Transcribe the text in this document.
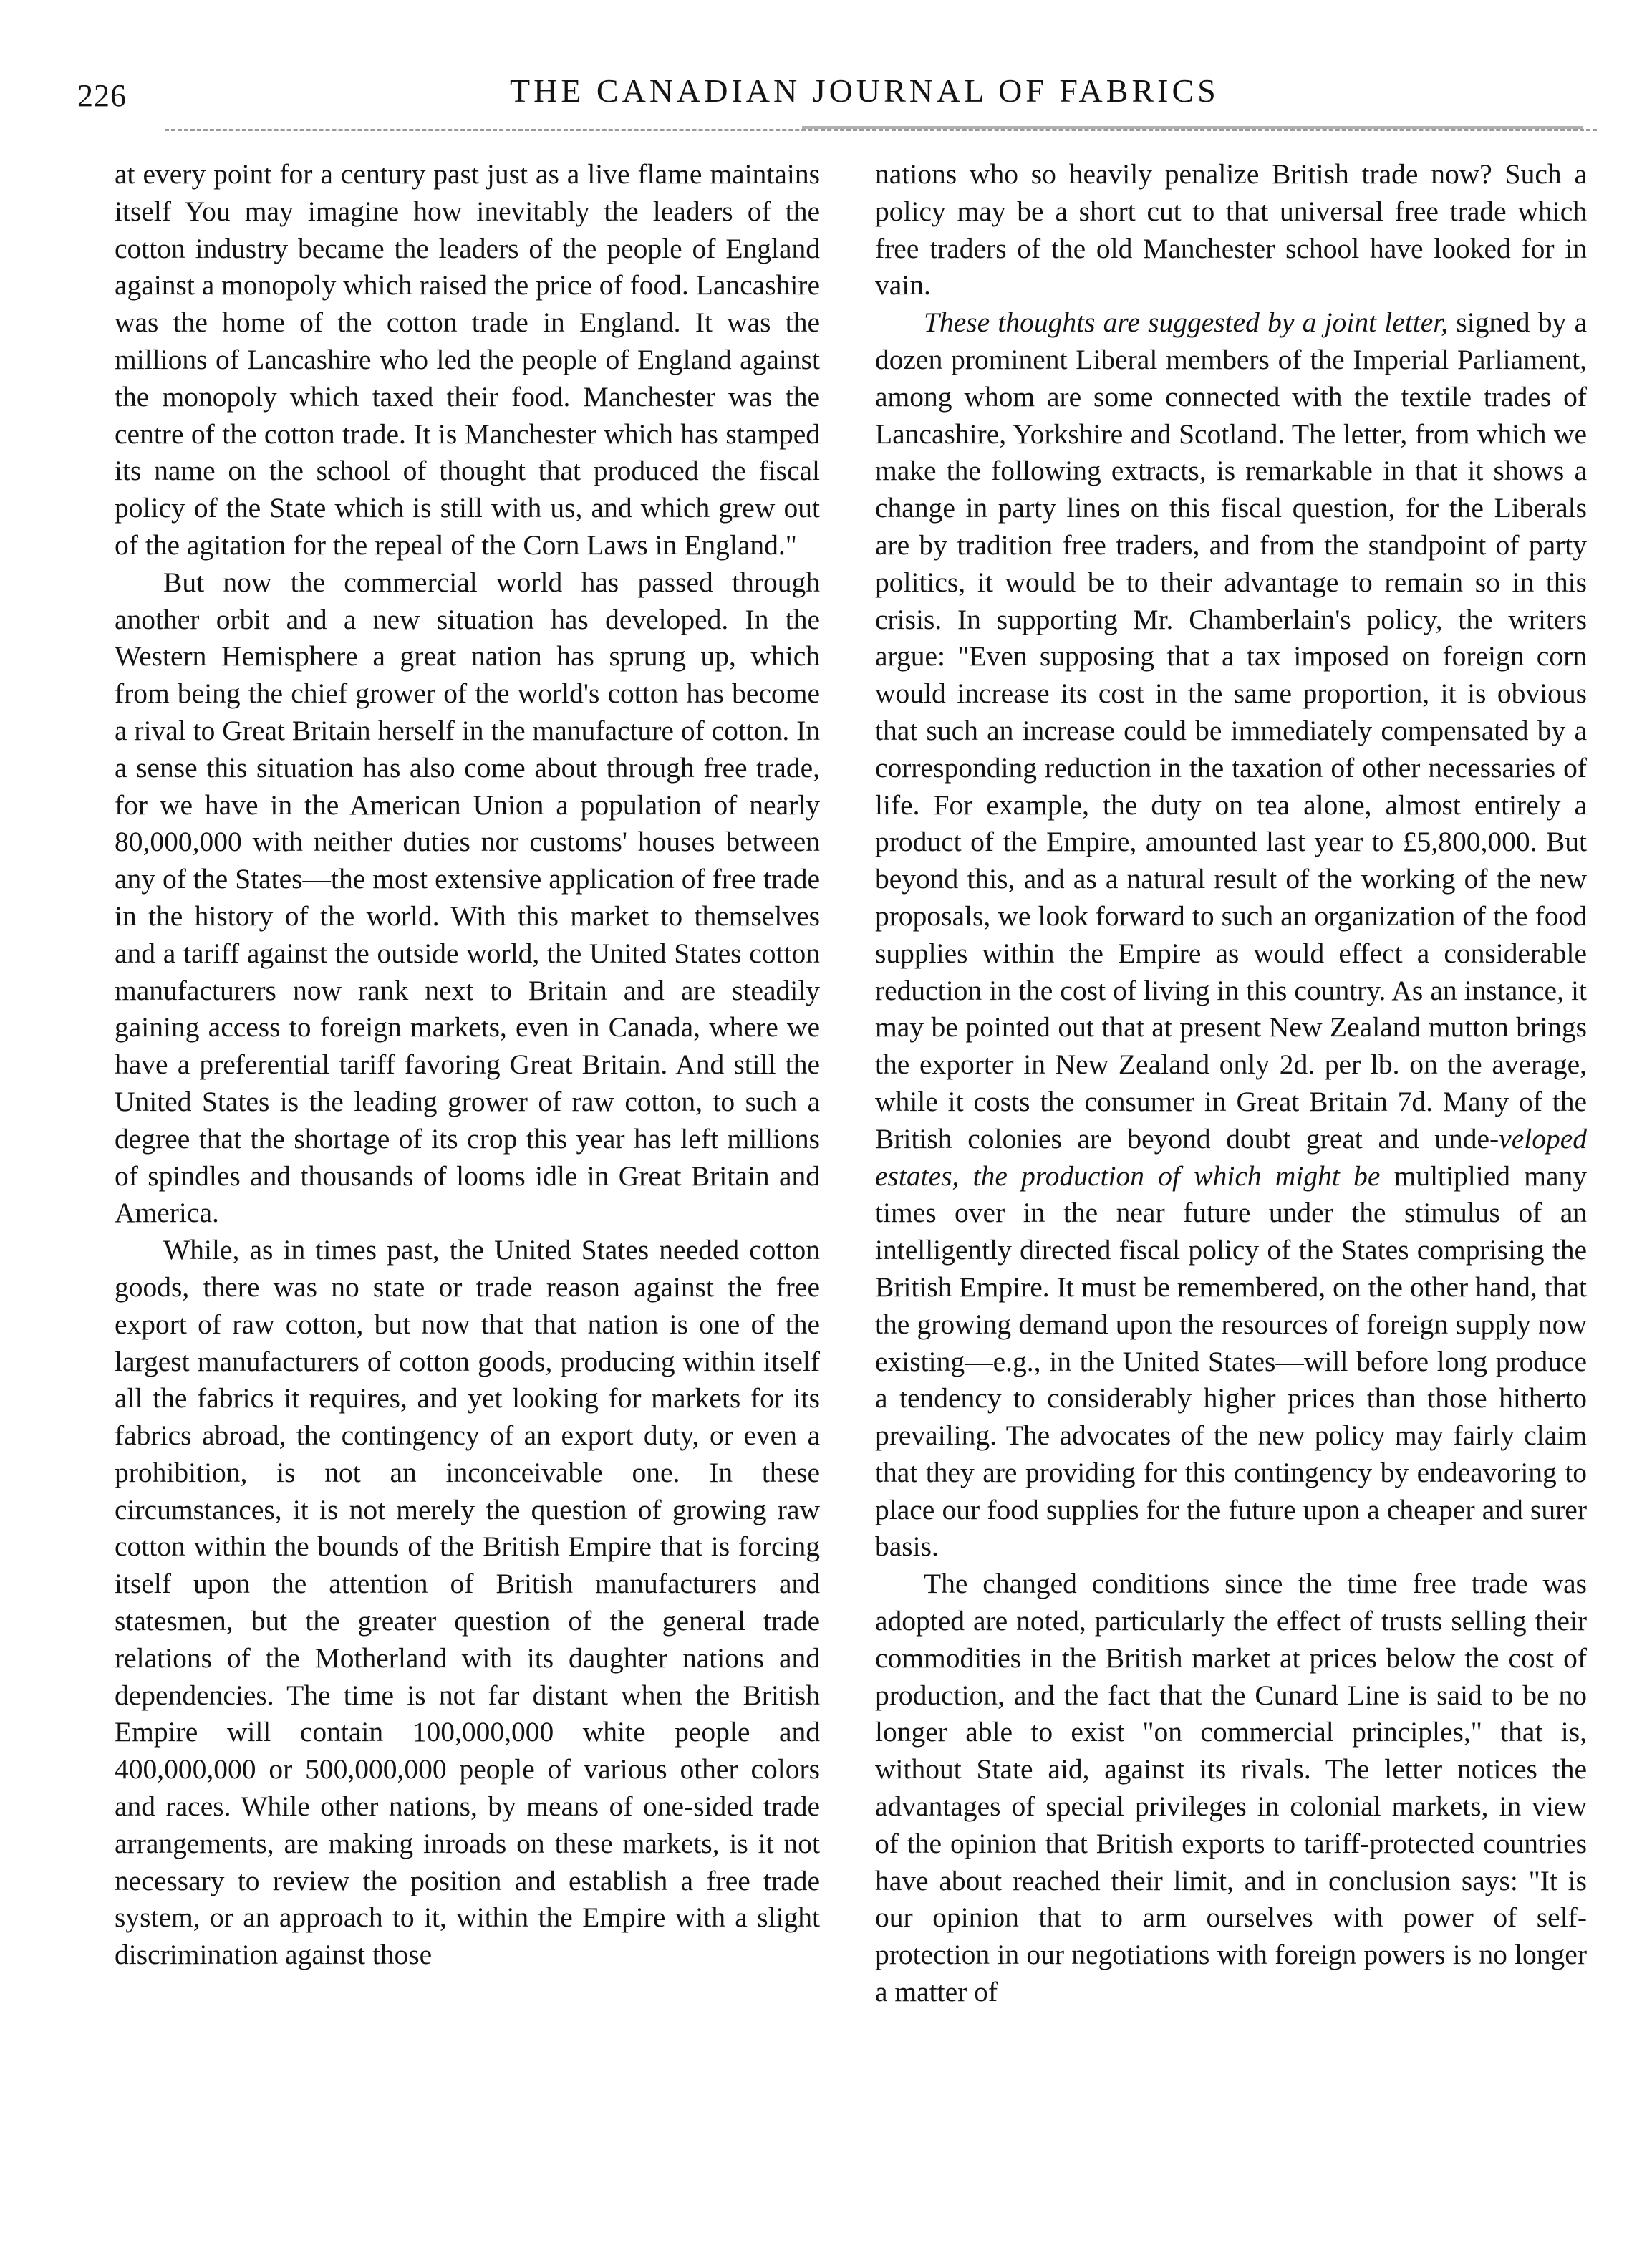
226	THE CANADIAN JOURNAL OF FABRICS

at every point for a century past just as a live flame maintains itself You may imagine how inevitably the leaders of the cotton industry became the leaders of the people of England against a monopoly which raised the price of food. Lancashire was the home of the cotton trade in England. It was the millions of Lancashire who led the people of England against the monopoly which taxed their food. Manchester was the centre of the cotton trade. It is Manchester which has stamped its name on the school of thought that produced the fiscal policy of the State which is still with us, and which grew out of the agitation for the repeal of the Corn Laws in England."

But now the commercial world has passed through another orbit and a new situation has developed. In the Western Hemisphere a great nation has sprung up, which from being the chief grower of the world's cotton has become a rival to Great Britain herself in the manufacture of cotton. In a sense this situation has also come about through free trade, for we have in the American Union a population of nearly 80,000,000 with neither duties nor customs' houses between any of the States—the most extensive application of free trade in the history of the world. With this market to themselves and a tariff against the outside world, the United States cotton manufacturers now rank next to Britain and are steadily gaining access to foreign markets, even in Canada, where we have a preferential tariff favoring Great Britain. And still the United States is the leading grower of raw cotton, to such a degree that the shortage of its crop this year has left millions of spindles and thousands of looms idle in Great Britain and America.

While, as in times past, the United States needed cotton goods, there was no state or trade reason against the free export of raw cotton, but now that that nation is one of the largest manufacturers of cotton goods, producing within itself all the fabrics it requires, and yet looking for markets for its fabrics abroad, the contingency of an export duty, or even a prohibition, is not an inconceivable one. In these circumstances, it is not merely the question of growing raw cotton within the bounds of the British Empire that is forcing itself upon the attention of British manufacturers and statesmen, but the greater question of the general trade relations of the Motherland with its daughter nations and dependencies. The time is not far distant when the British Empire will contain 100,000,000 white people and 400,000,000 or 500,000,000 people of various other colors and races. While other nations, by means of one-sided trade arrangements, are making inroads on these markets, is it not necessary to review the position and establish a free trade system, or an approach to it, within the Empire with a slight discrimination against those

nations who so heavily penalize British trade now? Such a policy may be a short cut to that universal free trade which free traders of the old Manchester school have looked for in vain.

These thoughts are suggested by a joint letter, signed by a dozen prominent Liberal members of the Imperial Parliament, among whom are some connected with the textile trades of Lancashire, Yorkshire and Scotland. The letter, from which we make the following extracts, is remarkable in that it shows a change in party lines on this fiscal question, for the Liberals are by tradition free traders, and from the standpoint of party politics, it would be to their advantage to remain so in this crisis. In supporting Mr. Chamberlain's policy, the writers argue: "Even supposing that a tax imposed on foreign corn would increase its cost in the same proportion, it is obvious that such an increase could be immediately compensated by a corresponding reduction in the taxation of other necessaries of life. For example, the duty on tea alone, almost entirely a product of the Empire, amounted last year to £5,800,000. But beyond this, and as a natural result of the working of the new proposals, we look forward to such an organization of the food supplies within the Empire as would effect a considerable reduction in the cost of living in this country. As an instance, it may be pointed out that at present New Zealand mutton brings the exporter in New Zealand only 2d. per lb. on the average, while it costs the consumer in Great Britain 7d. Many of the British colonies are beyond doubt great and unde-veloped estates, the production of which might be multiplied many times over in the near future under the stimulus of an intelligently directed fiscal policy of the States comprising the British Empire. It must be remembered, on the other hand, that the growing demand upon the resources of foreign supply now existing—e.g., in the United States—will before long produce a tendency to considerably higher prices than those hitherto prevailing. The advocates of the new policy may fairly claim that they are providing for this contingency by endeavoring to place our food supplies for the future upon a cheaper and surer basis.

The changed conditions since the time free trade was adopted are noted, particularly the effect of trusts selling their commodities in the British market at prices below the cost of production, and the fact that the Cunard Line is said to be no longer able to exist "on commercial principles," that is, without State aid, against its rivals. The letter notices the advantages of special privileges in colonial markets, in view of the opinion that British exports to tariff-protected countries have about reached their limit, and in conclusion says: "It is our opinion that to arm ourselves with power of self-protection in our negotiations with foreign powers is no longer a matter of
